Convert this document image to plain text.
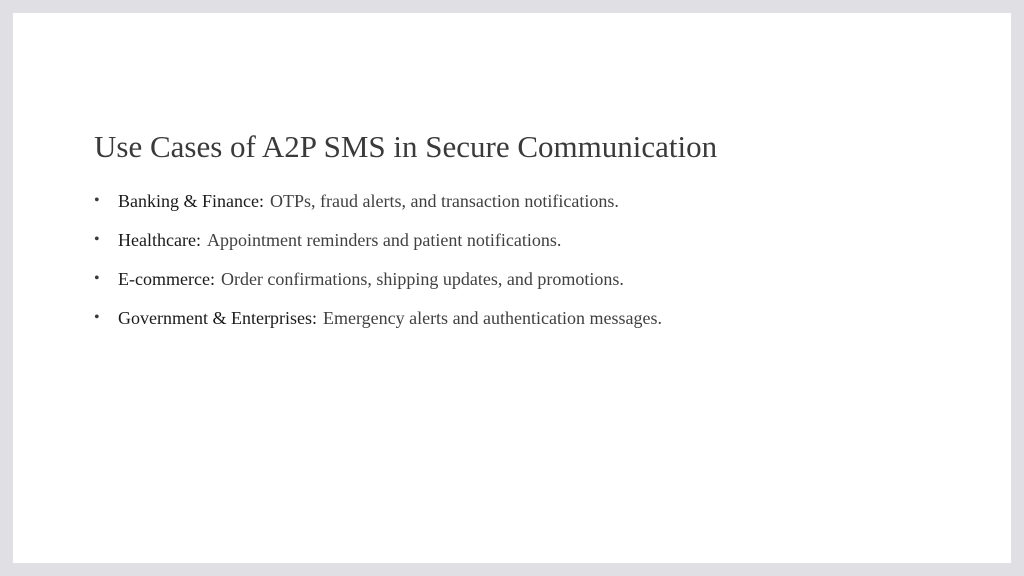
Use Cases of A2P SMS in Secure Communication
• Banking & Finance: OTPs, fraud alerts, and transaction notifications.
• Healthcare: Appointment reminders and patient notifications.
• E-commerce: Order confirmations, shipping updates, and promotions.
• Government & Enterprises: Emergency alerts and authentication messages.
